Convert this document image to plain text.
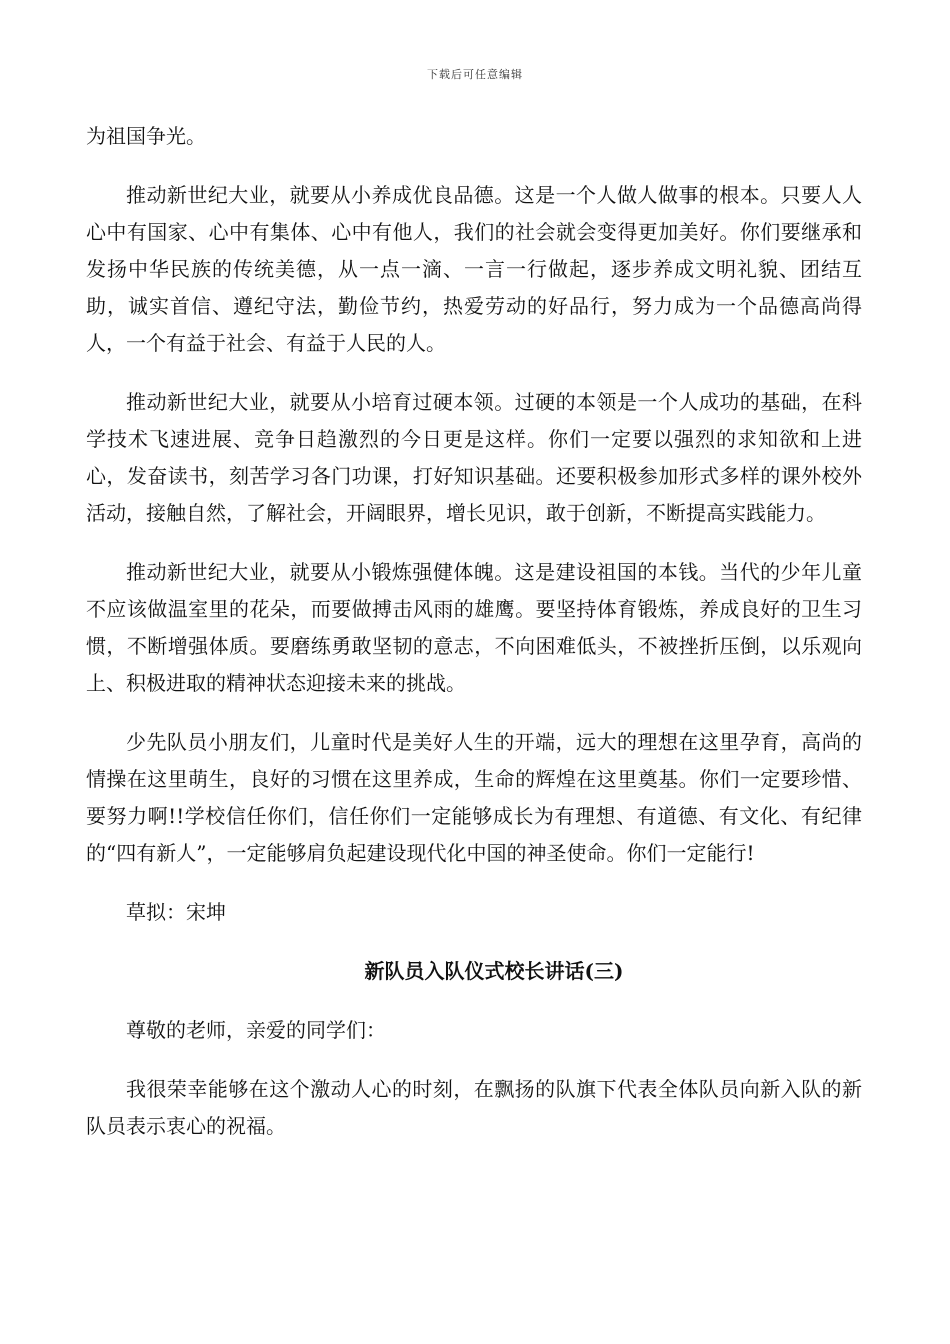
下载后可任意编辑

为祖国争光。

推动新世纪大业，就要从小养成优良品德。这是一个人做人做事的根本。只要人人心中有国家、心中有集体、心中有他人，我们的社会就会变得更加美好。你们要继承和发扬中华民族的传统美德，从一点一滴、一言一行做起，逐步养成文明礼貌、团结互助，诚实首信、遵纪守法，勤俭节约，热爱劳动的好品行，努力成为一个品德高尚得人，一个有益于社会、有益于人民的人。

推动新世纪大业，就要从小培育过硬本领。过硬的本领是一个人成功的基础，在科学技术飞速进展、竞争日趋激烈的今日更是这样。你们一定要以强烈的求知欲和上进心，发奋读书，刻苦学习各门功课，打好知识基础。还要积极参加形式多样的课外校外活动，接触自然，了解社会，开阔眼界，增长见识，敢于创新，不断提高实践能力。

推动新世纪大业，就要从小锻炼强健体魄。这是建设祖国的本钱。当代的少年儿童不应该做温室里的花朵，而要做搏击风雨的雄鹰。要坚持体育锻炼，养成良好的卫生习惯，不断增强体质。要磨练勇敢坚韧的意志，不向困难低头，不被挫折压倒，以乐观向上、积极进取的精神状态迎接未来的挑战。

少先队员小朋友们，儿童时代是美好人生的开端，远大的理想在这里孕育，高尚的情操在这里萌生，良好的习惯在这里养成，生命的辉煌在这里奠基。你们一定要珍惜、要努力啊!!学校信任你们，信任你们一定能够成长为有理想、有道德、有文化、有纪律的“四有新人”，一定能够肩负起建设现代化中国的神圣使命。你们一定能行!

草拟：宋坤

新队员入队仪式校长讲话(三)

尊敬的老师，亲爱的同学们：

我很荣幸能够在这个激动人心的时刻，在飘扬的队旗下代表全体队员向新入队的新队员表示衷心的祝福。
